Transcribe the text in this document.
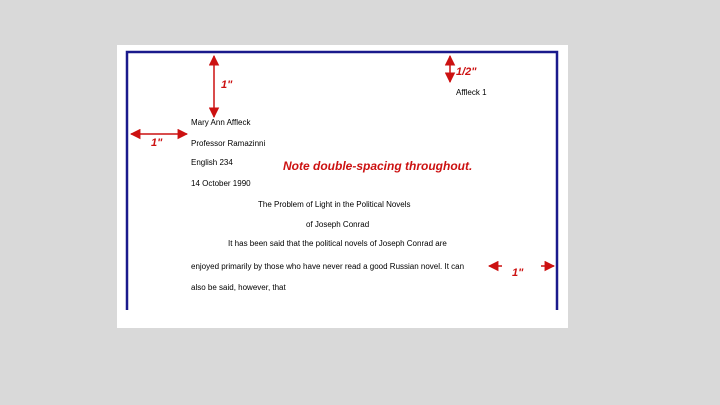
1"
1/2"
1"
1"
Note double-spacing throughout.
Affleck 1
Mary Ann Affleck
Professor Ramazinni
English 234
14 October 1990
The Problem of Light in the Political Novels
of Joseph Conrad
It has been said that the political novels of Joseph Conrad are
enjoyed primarily by those who have never read a good Russian novel. It can
also be said, however, that
